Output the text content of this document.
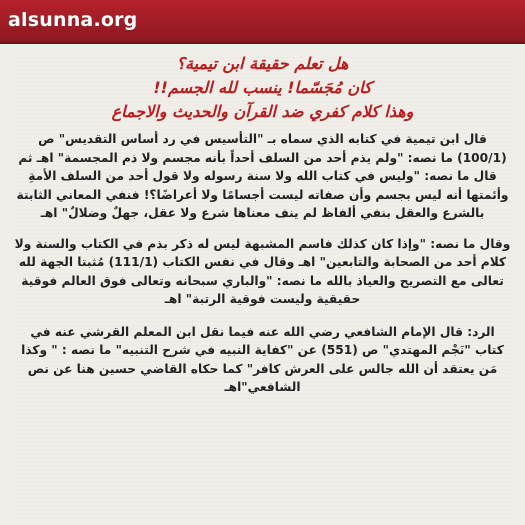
alsunna.org
هل تعلم حقيقة ابن تيمية؟
كان مُجَسّما! ينسب لله الجسم!!
وهذا كلام كفري ضد القرآن والحديث والاجماع

قال ابن تيمية في كتابه الذي سماه بـ "التأسيس في رد أساس التقديس" ص (100/1) ما نصه: "ولم يذم أحد من السلف أحداً بأنه مجسم ولا ذم المجسمة" اهـ ثم قال ما نصه: "وليس في كتاب الله ولا سنة رسوله ولا قول أحد من السلف الأمةِ وأئمتها أنه ليس بجسم وأن صفاته ليست أجسامًا ولا أعراضًا؟! فنفي المعاني الثابتة بالشرع والعقل بنفي ألفاظ لم ينف معناها شرع ولا عقل، جهلٌ وضلالٌ" اهـ

وقال ما نصه: "وإذا كان كذلك فاسم المشبهة ليس له ذكر بذم في الكتاب والسنة ولا كلام أحد من الصحابة والتابعين" اهـ وقال في نفس الكتاب (111/1) مُثبتا الجهة لله تعالى مع التصريح والعياذ بالله ما نصه: "والباري سبحانه وتعالى فوق العالم فوقية حقيقية وليست فوقية الرتبة" اهـ

الرد: قال الإمام الشافعي رضي الله عنه فيما نقل ابن المعلم القرشي عنه في كتاب "نَجْم المهتدي" ص (551) عن "كفاية النبيه في شرح التنبيه" ما نصه : " وكذا مَن يعتقد أن الله جالس على العرش كافر" كما حكاه القاضي حسين هنا عن نص الشافعي"اهـ
